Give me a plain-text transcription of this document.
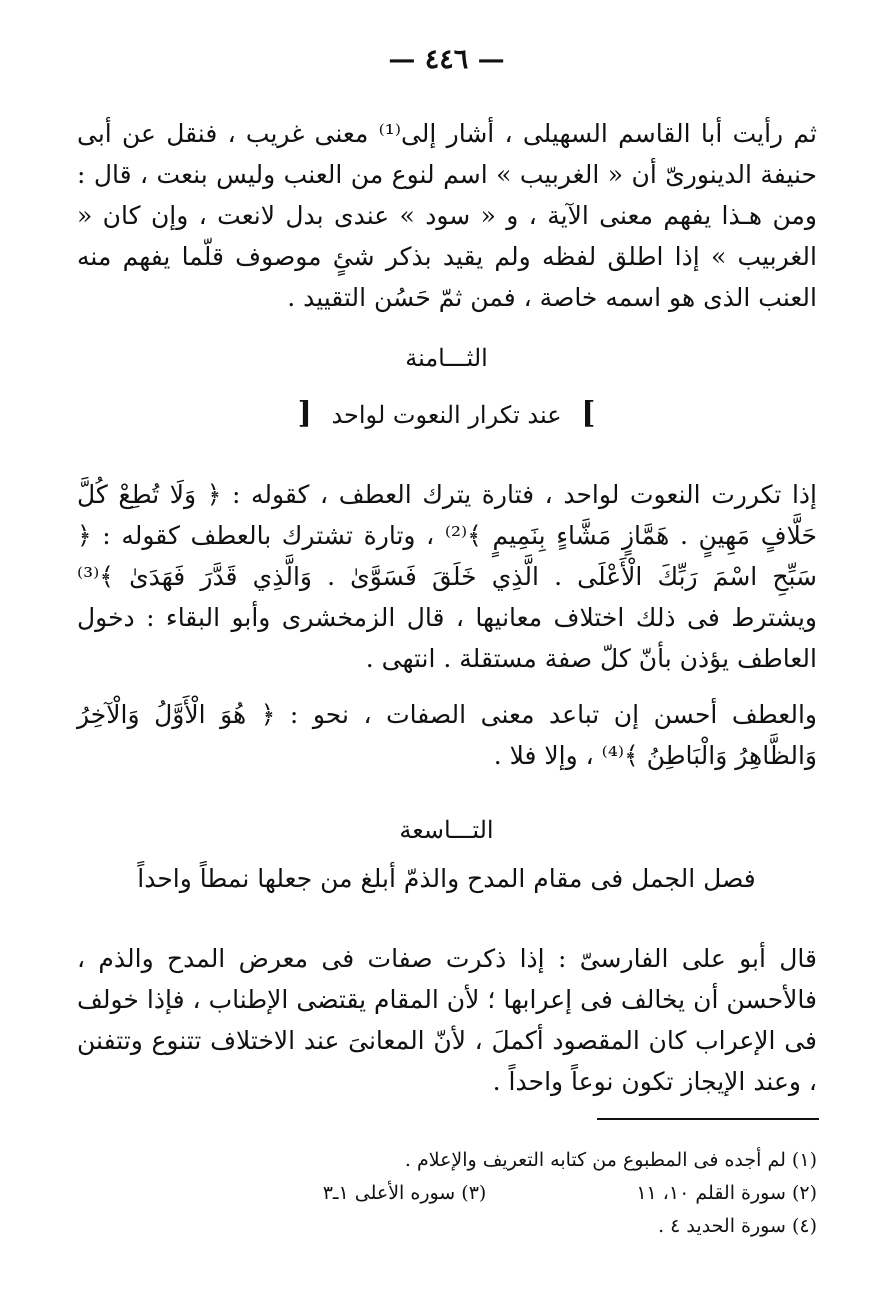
— ٤٤٦ —
ثم رأيت أبا القاسم السهيلى ، أشار إلى⁽¹⁾ معنى غريب ، فنقل عن أبى حنيفة الدينورىّ أن « الغربيب » اسم لنوع من العنب وليس بنعت ، قال : ومن هـذا يفهم معنى الآية ، و « سود » عندى بدل لانعت ، وإن كان « الغربيب » إذا اطلق لفظه ولم يقيد بذكر شئٍ موصوف قلّما يفهم منه العنب الذى هو اسمه خاصة ، فمن ثمّ حَسُن التقييد .
الثـــامنة
] عند تكرار النعوت لواحد [
إذا تكررت النعوت لواحد ، فتارة يترك العطف ، كقوله : ﴿ وَلَا تُطِعْ كُلَّ حَلَّافٍ مَهِينٍ . هَمَّازٍ مَشَّاءٍ بِنَمِيمٍ ﴾⁽²⁾ ، وتارة تشترك بالعطف كقوله : ﴿ سَبِّحِ اسْمَ رَبِّكَ الْأَعْلَى . الَّذِي خَلَقَ فَسَوَّىٰ . وَالَّذِي قَدَّرَ فَهَدَىٰ ﴾⁽³⁾ ويشترط فى ذلك اختلاف معانيها ، قال الزمخشرى وأبو البقاء : دخول العاطف يؤذن بأنّ كلّ صفة مستقلة . انتهى .
والعطف أحسن إن تباعد معنى الصفات ، نحو : ﴿ هُوَ الْأَوَّلُ وَالْآخِرُ وَالظَّاهِرُ وَالْبَاطِنُ ﴾⁽⁴⁾ ، وإلا فلا .
التـــاسعة
فصل الجمل فى مقام المدح والذمّ أبلغ من جعلها نمطاً واحداً
قال أبو على الفارسىّ : إذا ذكرت صفات فى معرض المدح والذم ، فالأحسن أن يخالف فى إعرابها ؛ لأن المقام يقتضى الإطناب ، فإذا خولف فى الإعراب كان المقصود أكملَ ، لأنّ المعانىَ عند الاختلاف تتنوع وتتفنن ، وعند الإيجاز تكون نوعاً واحداً .
(١) لم أجده فى المطبوع من كتابه التعريف والإعلام .
(٢) سورة القلم ١٠، ١١
(٣) سوره الأعلى ١ـ٣
(٤) سورة الحديد ٤ .
